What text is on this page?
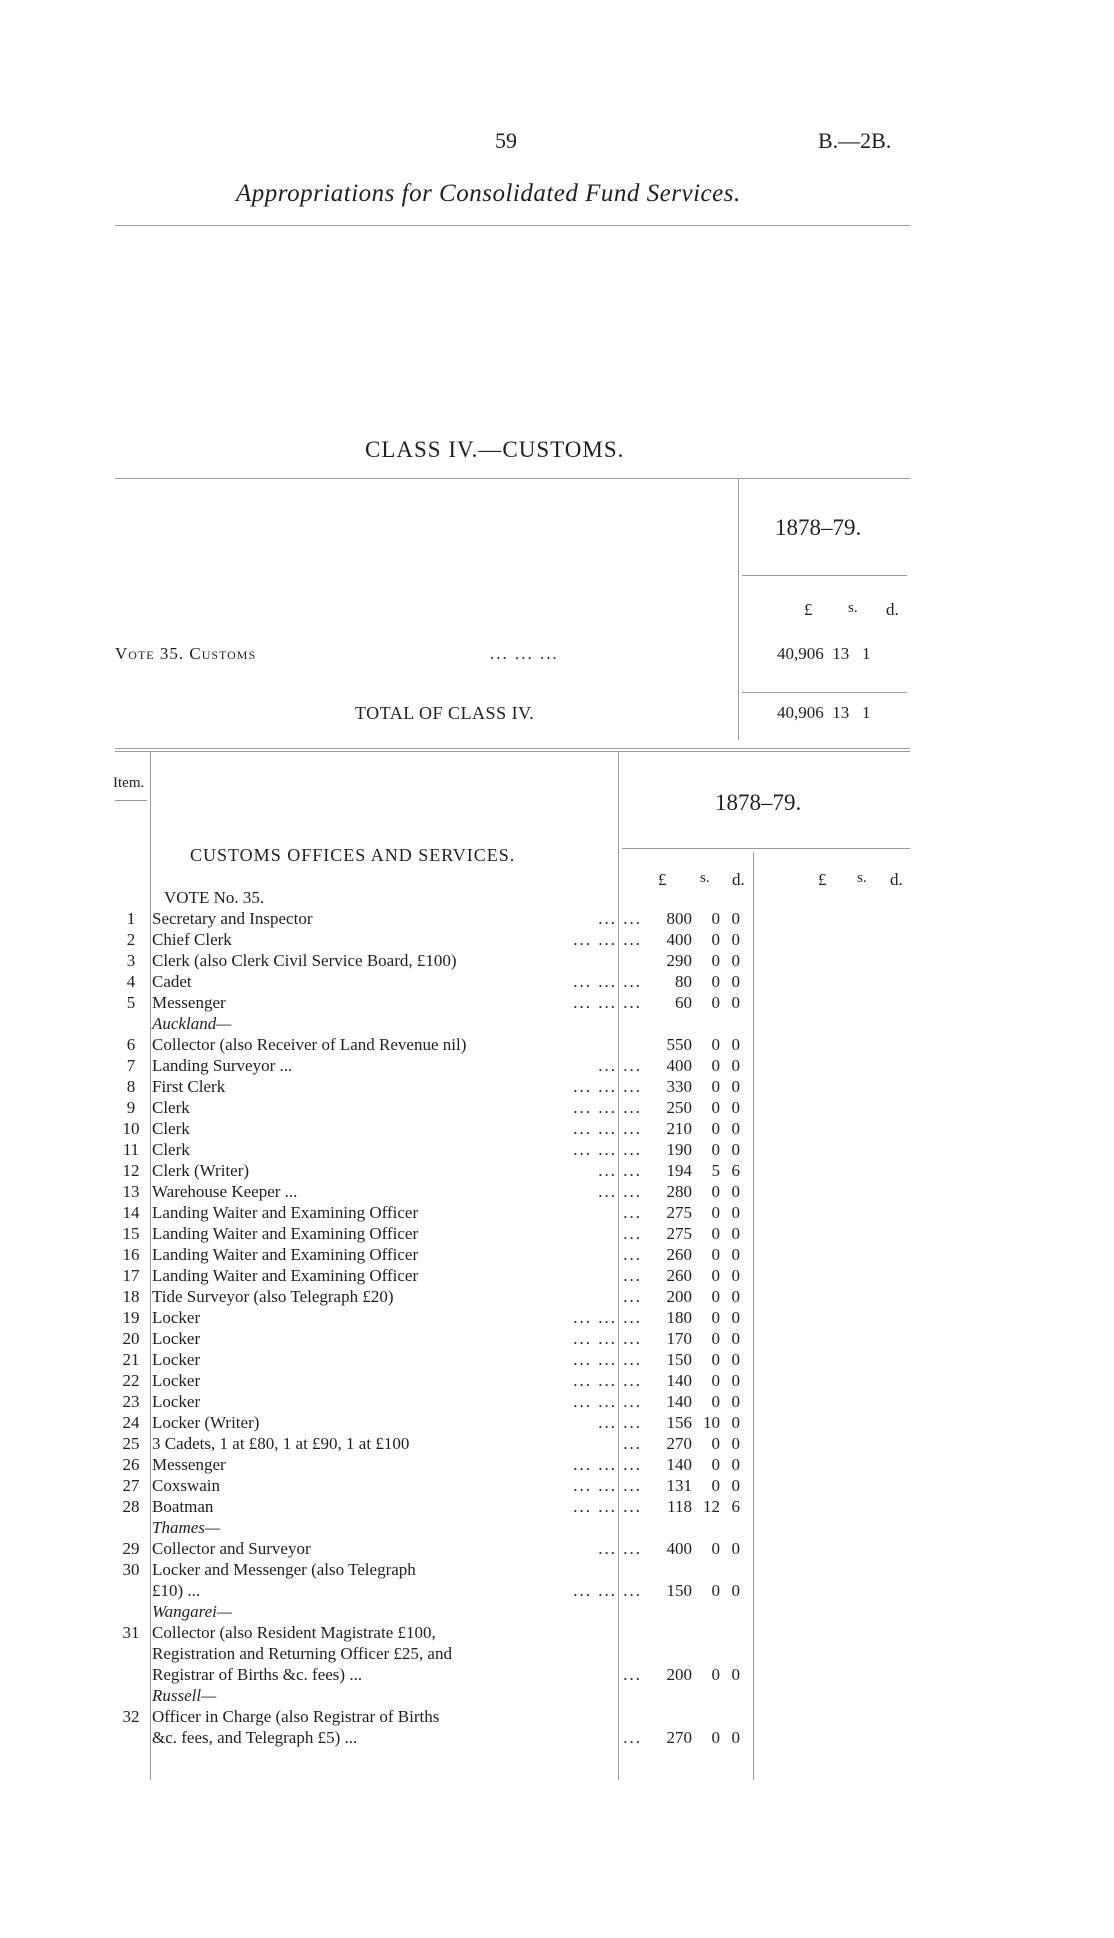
59	B.—2B.
Appropriations for Consolidated Fund Services.
CLASS IV.—CUSTOMS.
1878–79.
£ s. d.
Vote 35. Customs	... ... ...	40,906  13   1
TOTAL OF CLASS IV.	40,906  13   1
Item.
1878–79.
CUSTOMS OFFICES AND SERVICES.
£ s. d.	£ s. d.
VOTE No. 35.
1	Secretary and Inspector	... ...	800	0	0
2	Chief Clerk	... ... ...	400	0	0
3	Clerk (also Clerk Civil Service Board, £100)		290	0	0
4	Cadet	... ... ...	80	0	0
5	Messenger	... ... ...	60	0	0
	Auckland—				
6	Collector (also Receiver of Land Revenue nil)		550	0	0
7	Landing Surveyor ...	... ...	400	0	0
8	First Clerk	... ... ...	330	0	0
9	Clerk	... ... ...	250	0	0
10	Clerk	... ... ...	210	0	0
11	Clerk	... ... ...	190	0	0
12	Clerk (Writer)	... ...	194	5	6
13	Warehouse Keeper ...	... ...	280	0	0
14	Landing Waiter and Examining Officer	...	275	0	0
15	Landing Waiter and Examining Officer	...	275	0	0
16	Landing Waiter and Examining Officer	...	260	0	0
17	Landing Waiter and Examining Officer	...	260	0	0
18	Tide Surveyor (also Telegraph £20)	...	200	0	0
19	Locker	... ... ...	180	0	0
20	Locker	... ... ...	170	0	0
21	Locker	... ... ...	150	0	0
22	Locker	... ... ...	140	0	0
23	Locker	... ... ...	140	0	0
24	Locker (Writer)	... ...	156	10	0
25	3 Cadets, 1 at £80, 1 at £90, 1 at £100	...	270	0	0
26	Messenger	... ... ...	140	0	0
27	Coxswain	... ... ...	131	0	0
28	Boatman	... ... ...	118	12	6
	Thames—				
29	Collector and Surveyor	... ...	400	0	0
30	Locker and Messenger (also Telegraph				
	£10) ...	... ... ...	150	0	0
	Wangarei—				
31	Collector (also Resident Magistrate £100,				
	Registration and Returning Officer £25, and				
	Registrar of Births &c. fees) ...	...	200	0	0
	Russell—				
32	Officer in Charge (also Registrar of Births				
	&c. fees, and Telegraph £5) ...	...	270	0	0
